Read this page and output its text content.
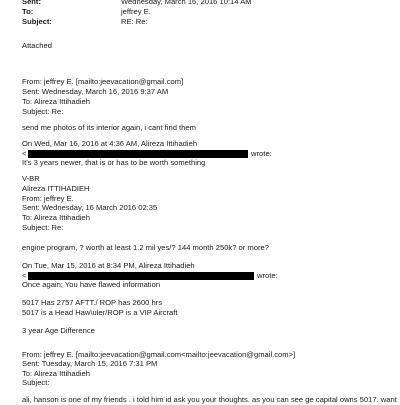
Sent:	Wednesday, March 16, 2016 10:14 AM
To:	jeffrey E.
Subject:	RE: Re:
Attached
From: jeffrey E. [mailto:jeevacation@gmail.com]
Sent: Wednesday, March 16, 2016 9:37 AM
To: Alireza Ittihadieh
Subject: Re:
send me photos of its interior again, i cant find them
On Wed, Mar 16, 2016 at 4:36 AM, Alireza Ittihadieh
<	wrote:
It's 3 years newer, that is or has to be worth something
V-BR
Alireza ITTIHADIEH
From: jeffrey E.
Sent: Wednesday, 16 March 2016 02:35
To: Alireza Ittihadieh
Subject: Re:
engine program, ? worth at least 1.2 mil yes/? 144 month 250k? or more?
On Tue, Mar 15, 2016 at 8:34 PM, Alireza Ittihadieh
<	wrote:
Once again; You have flawed information
5017 Has 2757 AFTT./ ROP has 2600 hrs
5017 is a Head Haw\uler/ROP is a VIP Aircraft
3 year Age Difference
From: jeffrey E. [mailto:jeevacation@gmail.com<mailto:jeevacation@gmail.com>]
Sent: Tuesday, March 15, 2016 7:31 PM
To: Alireza Ittihadieh
Subject:
ali, hanson is one of my friends . i told him id ask you your thoughts. as you can see ge capital owns 5017. want
